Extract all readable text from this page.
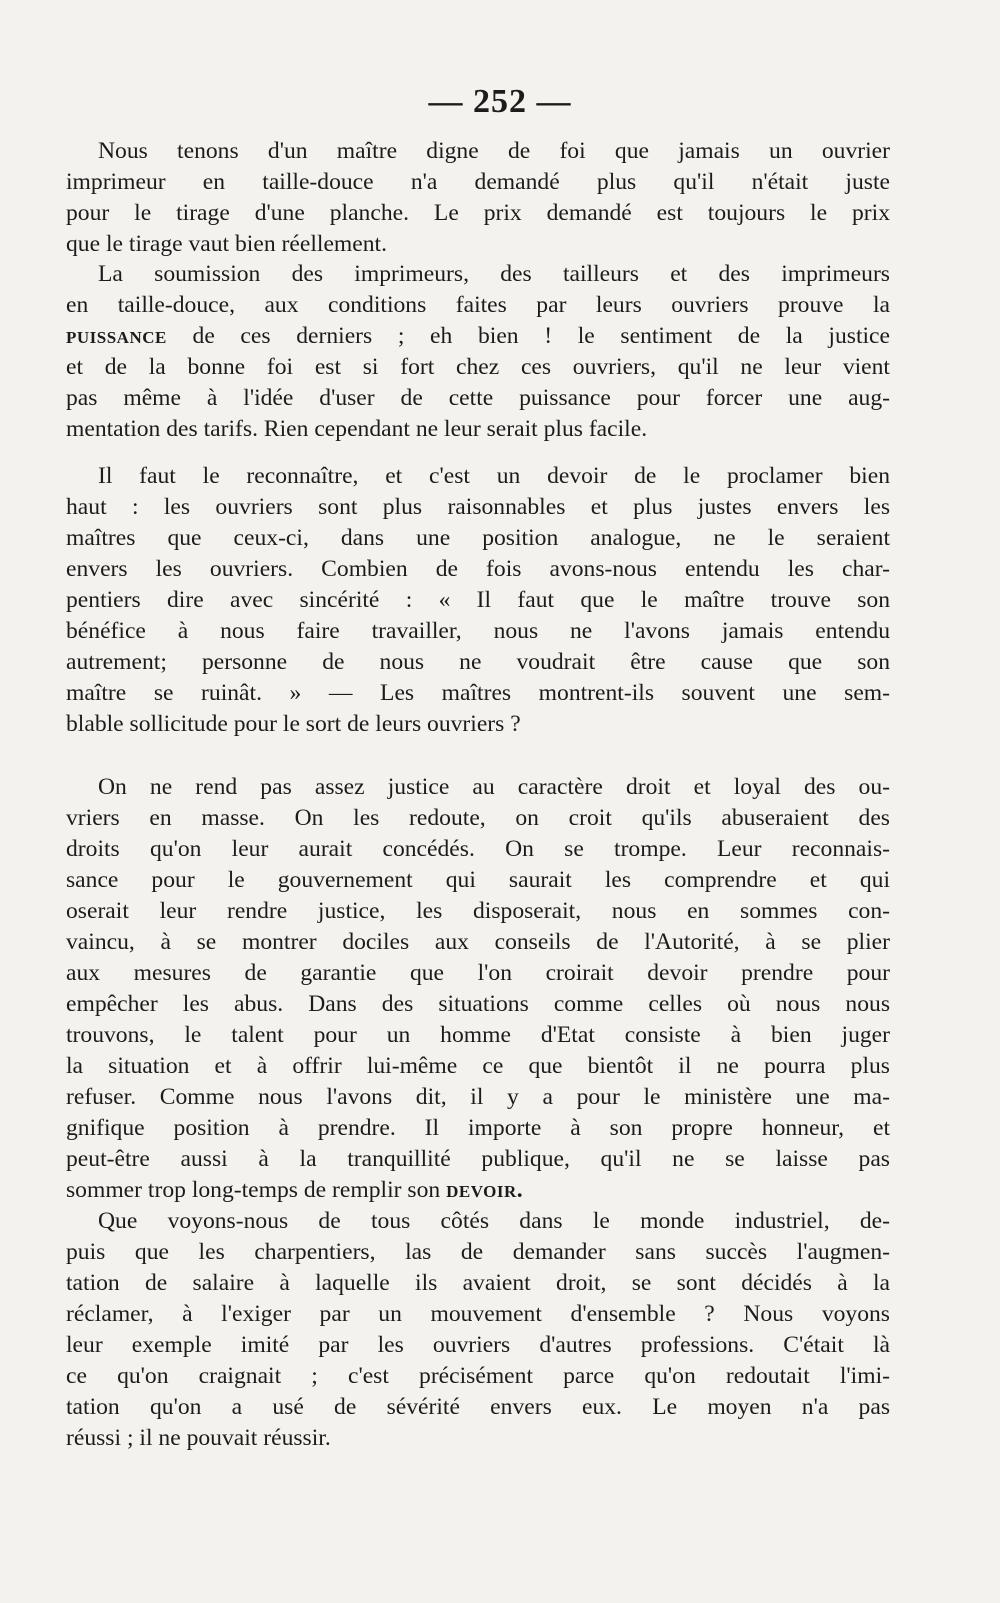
— 252 —
Nous tenons d'un maître digne de foi que jamais un ouvrier
imprimeur en taille-douce n'a demandé plus qu'il n'était juste
pour le tirage d'une planche. Le prix demandé est toujours le prix
que le tirage vaut bien réellement.
La soumission des imprimeurs, des tailleurs et des imprimeurs
en taille-douce, aux conditions faites par leurs ouvriers prouve la
puissance de ces derniers ; eh bien ! le sentiment de la justice
et de la bonne foi est si fort chez ces ouvriers, qu'il ne leur vient
pas même à l'idée d'user de cette puissance pour forcer une aug-
mentation des tarifs. Rien cependant ne leur serait plus facile.
Il faut le reconnaître, et c'est un devoir de le proclamer bien
haut : les ouvriers sont plus raisonnables et plus justes envers les
maîtres que ceux-ci, dans une position analogue, ne le seraient
envers les ouvriers. Combien de fois avons-nous entendu les char-
pentiers dire avec sincérité : « Il faut que le maître trouve son
bénéfice à nous faire travailler, nous ne l'avons jamais entendu
autrement; personne de nous ne voudrait être cause que son
maître se ruinât. » — Les maîtres montrent-ils souvent une sem-
blable sollicitude pour le sort de leurs ouvriers ?
On ne rend pas assez justice au caractère droit et loyal des ou-
vriers en masse. On les redoute, on croit qu'ils abuseraient des
droits qu'on leur aurait concédés. On se trompe. Leur reconnais-
sance pour le gouvernement qui saurait les comprendre et qui
oserait leur rendre justice, les disposerait, nous en sommes con-
vaincu, à se montrer dociles aux conseils de l'Autorité, à se plier
aux mesures de garantie que l'on croirait devoir prendre pour
empêcher les abus. Dans des situations comme celles où nous nous
trouvons, le talent pour un homme d'Etat consiste à bien juger
la situation et à offrir lui-même ce que bientôt il ne pourra plus
refuser. Comme nous l'avons dit, il y a pour le ministère une ma-
gnifique position à prendre. Il importe à son propre honneur, et
peut-être aussi à la tranquillité publique, qu'il ne se laisse pas
sommer trop long-temps de remplir son devoir.
Que voyons-nous de tous côtés dans le monde industriel, de-
puis que les charpentiers, las de demander sans succès l'augmen-
tation de salaire à laquelle ils avaient droit, se sont décidés à la
réclamer, à l'exiger par un mouvement d'ensemble ? Nous voyons
leur exemple imité par les ouvriers d'autres professions. C'était là
ce qu'on craignait ; c'est précisément parce qu'on redoutait l'imi-
tation qu'on a usé de sévérité envers eux. Le moyen n'a pas
réussi ; il ne pouvait réussir.
